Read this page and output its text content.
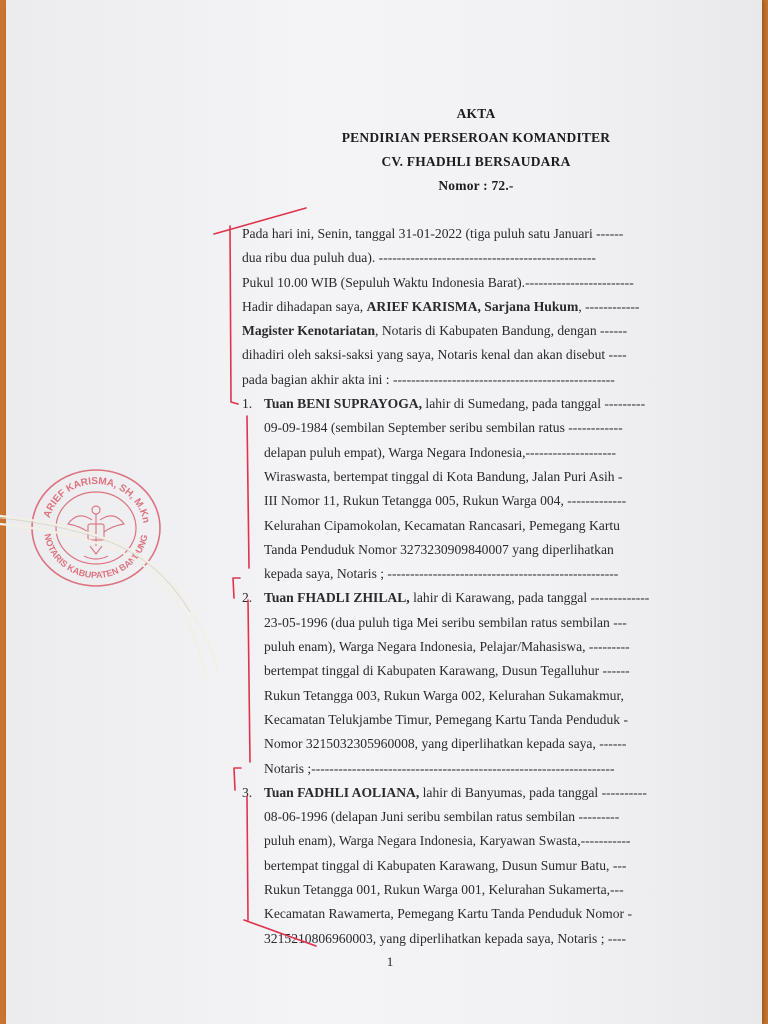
AKTA
PENDIRIAN PERSEROAN KOMANDITER
CV. FHADHLI BERSAUDARA
Nomor : 72.-
Pada hari ini, Senin, tanggal 31-01-2022 (tiga puluh satu Januari ------
dua ribu dua puluh dua). ------------------------------------------------
Pukul 10.00 WIB (Sepuluh Waktu Indonesia Barat).------------------------
Hadir dihadapan saya, ARIEF KARISMA, Sarjana Hukum, ------------
Magister Kenotariatan, Notaris di Kabupaten Bandung, dengan ------
dihadiri oleh saksi-saksi yang saya, Notaris kenal dan akan disebut ----
pada bagian akhir akta ini : -------------------------------------------------
1. Tuan BENI SUPRAYOGA, lahir di Sumedang, pada tanggal ---------
09-09-1984 (sembilan September seribu sembilan ratus ------------
delapan puluh empat), Warga Negara Indonesia,--------------------
Wiraswasta, bertempat tinggal di Kota Bandung, Jalan Puri Asih -
III Nomor 11, Rukun Tetangga 005, Rukun Warga 004, -------------
Kelurahan Cipamokolan, Kecamatan Rancasari, Pemegang Kartu
Tanda Penduduk Nomor 3273230909840007 yang diperlihatkan
kepada saya, Notaris ; ---------------------------------------------------
2. Tuan FHADLI ZHILAL, lahir di Karawang, pada tanggal -------------
23-05-1996 (dua puluh tiga Mei seribu sembilan ratus sembilan ---
puluh enam), Warga Negara Indonesia, Pelajar/Mahasiswa, ---------
bertempat tinggal di Kabupaten Karawang, Dusun Tegalluhur ------
Rukun Tetangga 003, Rukun Warga 002, Kelurahan Sukamakmur,
Kecamatan Telukjambe Timur, Pemegang Kartu Tanda Penduduk -
Nomor 3215032305960008, yang diperlihatkan kepada saya, ------
Notaris ;-------------------------------------------------------------------
3. Tuan FADHLI AOLIANA, lahir di Banyumas, pada tanggal ----------
08-06-1996 (delapan Juni seribu sembilan ratus sembilan ---------
puluh enam), Warga Negara Indonesia, Karyawan Swasta,-----------
bertempat tinggal di Kabupaten Karawang, Dusun Sumur Batu, ---
Rukun Tetangga 001, Rukun Warga 001, Kelurahan Sukamerta,---
Kecamatan Rawamerta, Pemegang Kartu Tanda Penduduk Nomor -
3215210806960003, yang diperlihatkan kepada saya, Notaris ; ----
1
ARIEF KARISMA, SH, M.Kn
NOTARIS KABUPATEN BANDUNG
